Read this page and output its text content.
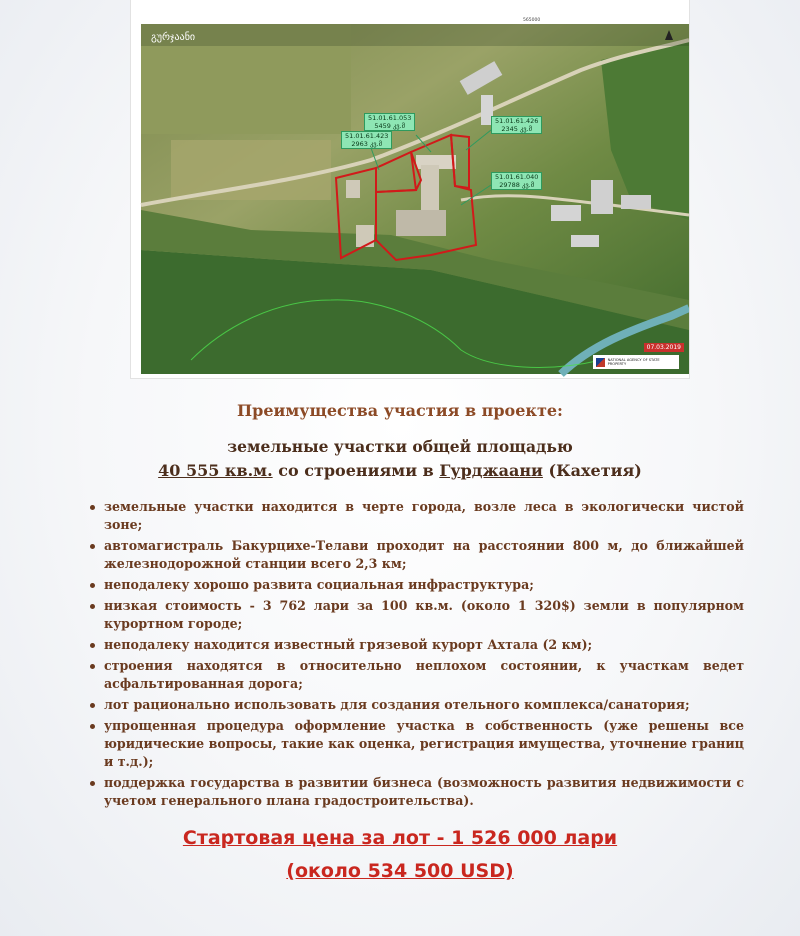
გურჯაანი
565000
51.01.61.053
5459 კვ.მ
51.01.61.423
2963 კვ.მ
51.01.61.426
2345 კვ.მ
51.01.61.040
29788 კვ.მ
07.03.2019
NATIONAL AGENCY OF STATE PROPERTY
Преимущества участия в проекте:
земельные участки общей площадью
40 555 кв.м. со строениями в Гурджаани (Кахетия)
земельные участки находится в черте города, возле леса в экологически чистой зоне;
автомагистраль Бакурцихе-Телави проходит на расстоянии 800 м, до ближайшей железнодорожной станции всего 2,3 км;
неподалеку хорошо развита социальная инфраструктура;
низкая стоимость - 3 762 лари за 100 кв.м. (около 1 320$) земли в популярном курортном городе;
неподалеку находится известный грязевой курорт Ахтала (2 км);
строения находятся в относительно неплохом состоянии, к участкам ведет асфальтированная дорога;
лот рационально использовать для создания отельного комплекса/санатория;
упрощенная процедура оформление участка в собственность (уже решены все юридические вопросы, такие как оценка, регистрация имущества, уточнение границ и т.д.);
поддержка государства в развитии бизнеса (возможность развития недвижимости с учетом генерального плана градостроительства).
Стартовая цена за лот - 1 526 000 лари
(около 534 500 USD)
